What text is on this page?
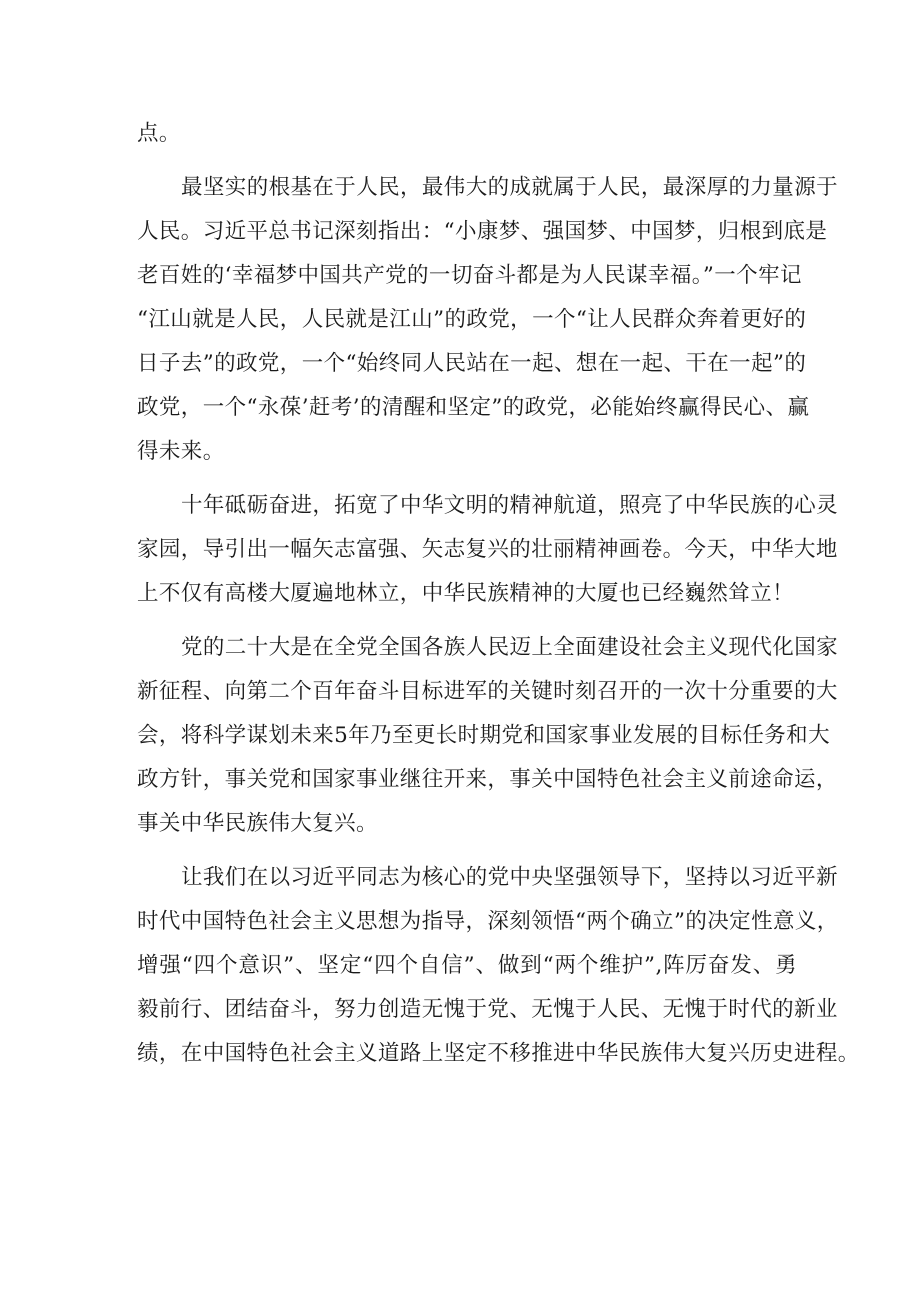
点。
最坚实的根基在于人民，最伟大的成就属于人民，最深厚的力量源于
人民。习近平总书记深刻指出：“小康梦、强国梦、中国梦，归根到底是
老百姓的‘幸福梦中国共产党的一切奋斗都是为人民谋幸福。”一个牢记
“江山就是人民，人民就是江山”的政党，一个“让人民群众奔着更好的
日子去”的政党，一个“始终同人民站在一起、想在一起、干在一起”的
政党，一个“永葆’赶考’的清醒和坚定”的政党，必能始终赢得民心、赢
得未来。
十年砥砺奋进，拓宽了中华文明的精神航道，照亮了中华民族的心灵
家园，导引出一幅矢志富强、矢志复兴的壮丽精神画卷。今天，中华大地
上不仅有高楼大厦遍地林立，中华民族精神的大厦也已经巍然耸立！
党的二十大是在全党全国各族人民迈上全面建设社会主义现代化国家
新征程、向第二个百年奋斗目标进军的关键时刻召开的一次十分重要的大
会，将科学谋划未来5年乃至更长时期党和国家事业发展的目标任务和大
政方针，事关党和国家事业继往开来，事关中国特色社会主义前途命运，
事关中华民族伟大复兴。
让我们在以习近平同志为核心的党中央坚强领导下，坚持以习近平新
时代中国特色社会主义思想为指导，深刻领悟“两个确立”的决定性意义，
增强“四个意识”、坚定“四个自信”、做到“两个维护”,阵厉奋发、勇
毅前行、团结奋斗，努力创造无愧于党、无愧于人民、无愧于时代的新业
绩，在中国特色社会主义道路上坚定不移推进中华民族伟大复兴历史进程。
